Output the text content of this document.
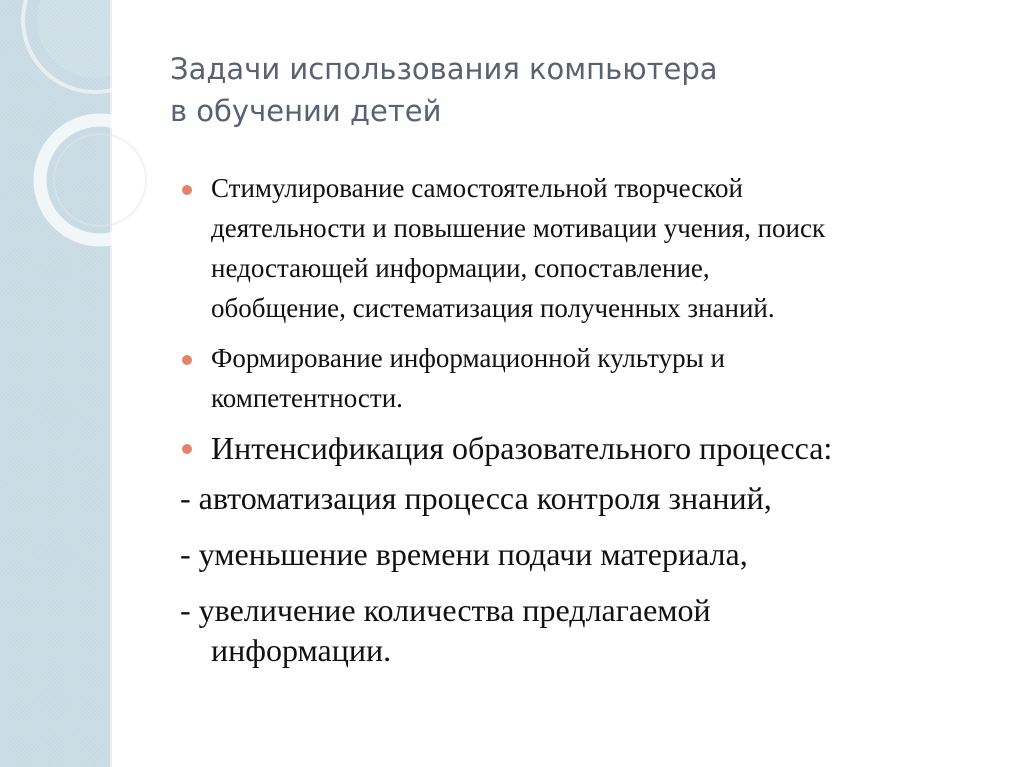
Задачи использования компьютера
в обучении детей
Стимулирование самостоятельной творческой
деятельности и повышение мотивации учения, поиск
недостающей информации, сопоставление,
обобщение, систематизация полученных знаний.
Формирование информационной культуры и
компетентности.
Интенсификация образовательного процесса:
- автоматизация процесса контроля знаний,
- уменьшение времени подачи материала,
- увеличение количества предлагаемой
информации.
